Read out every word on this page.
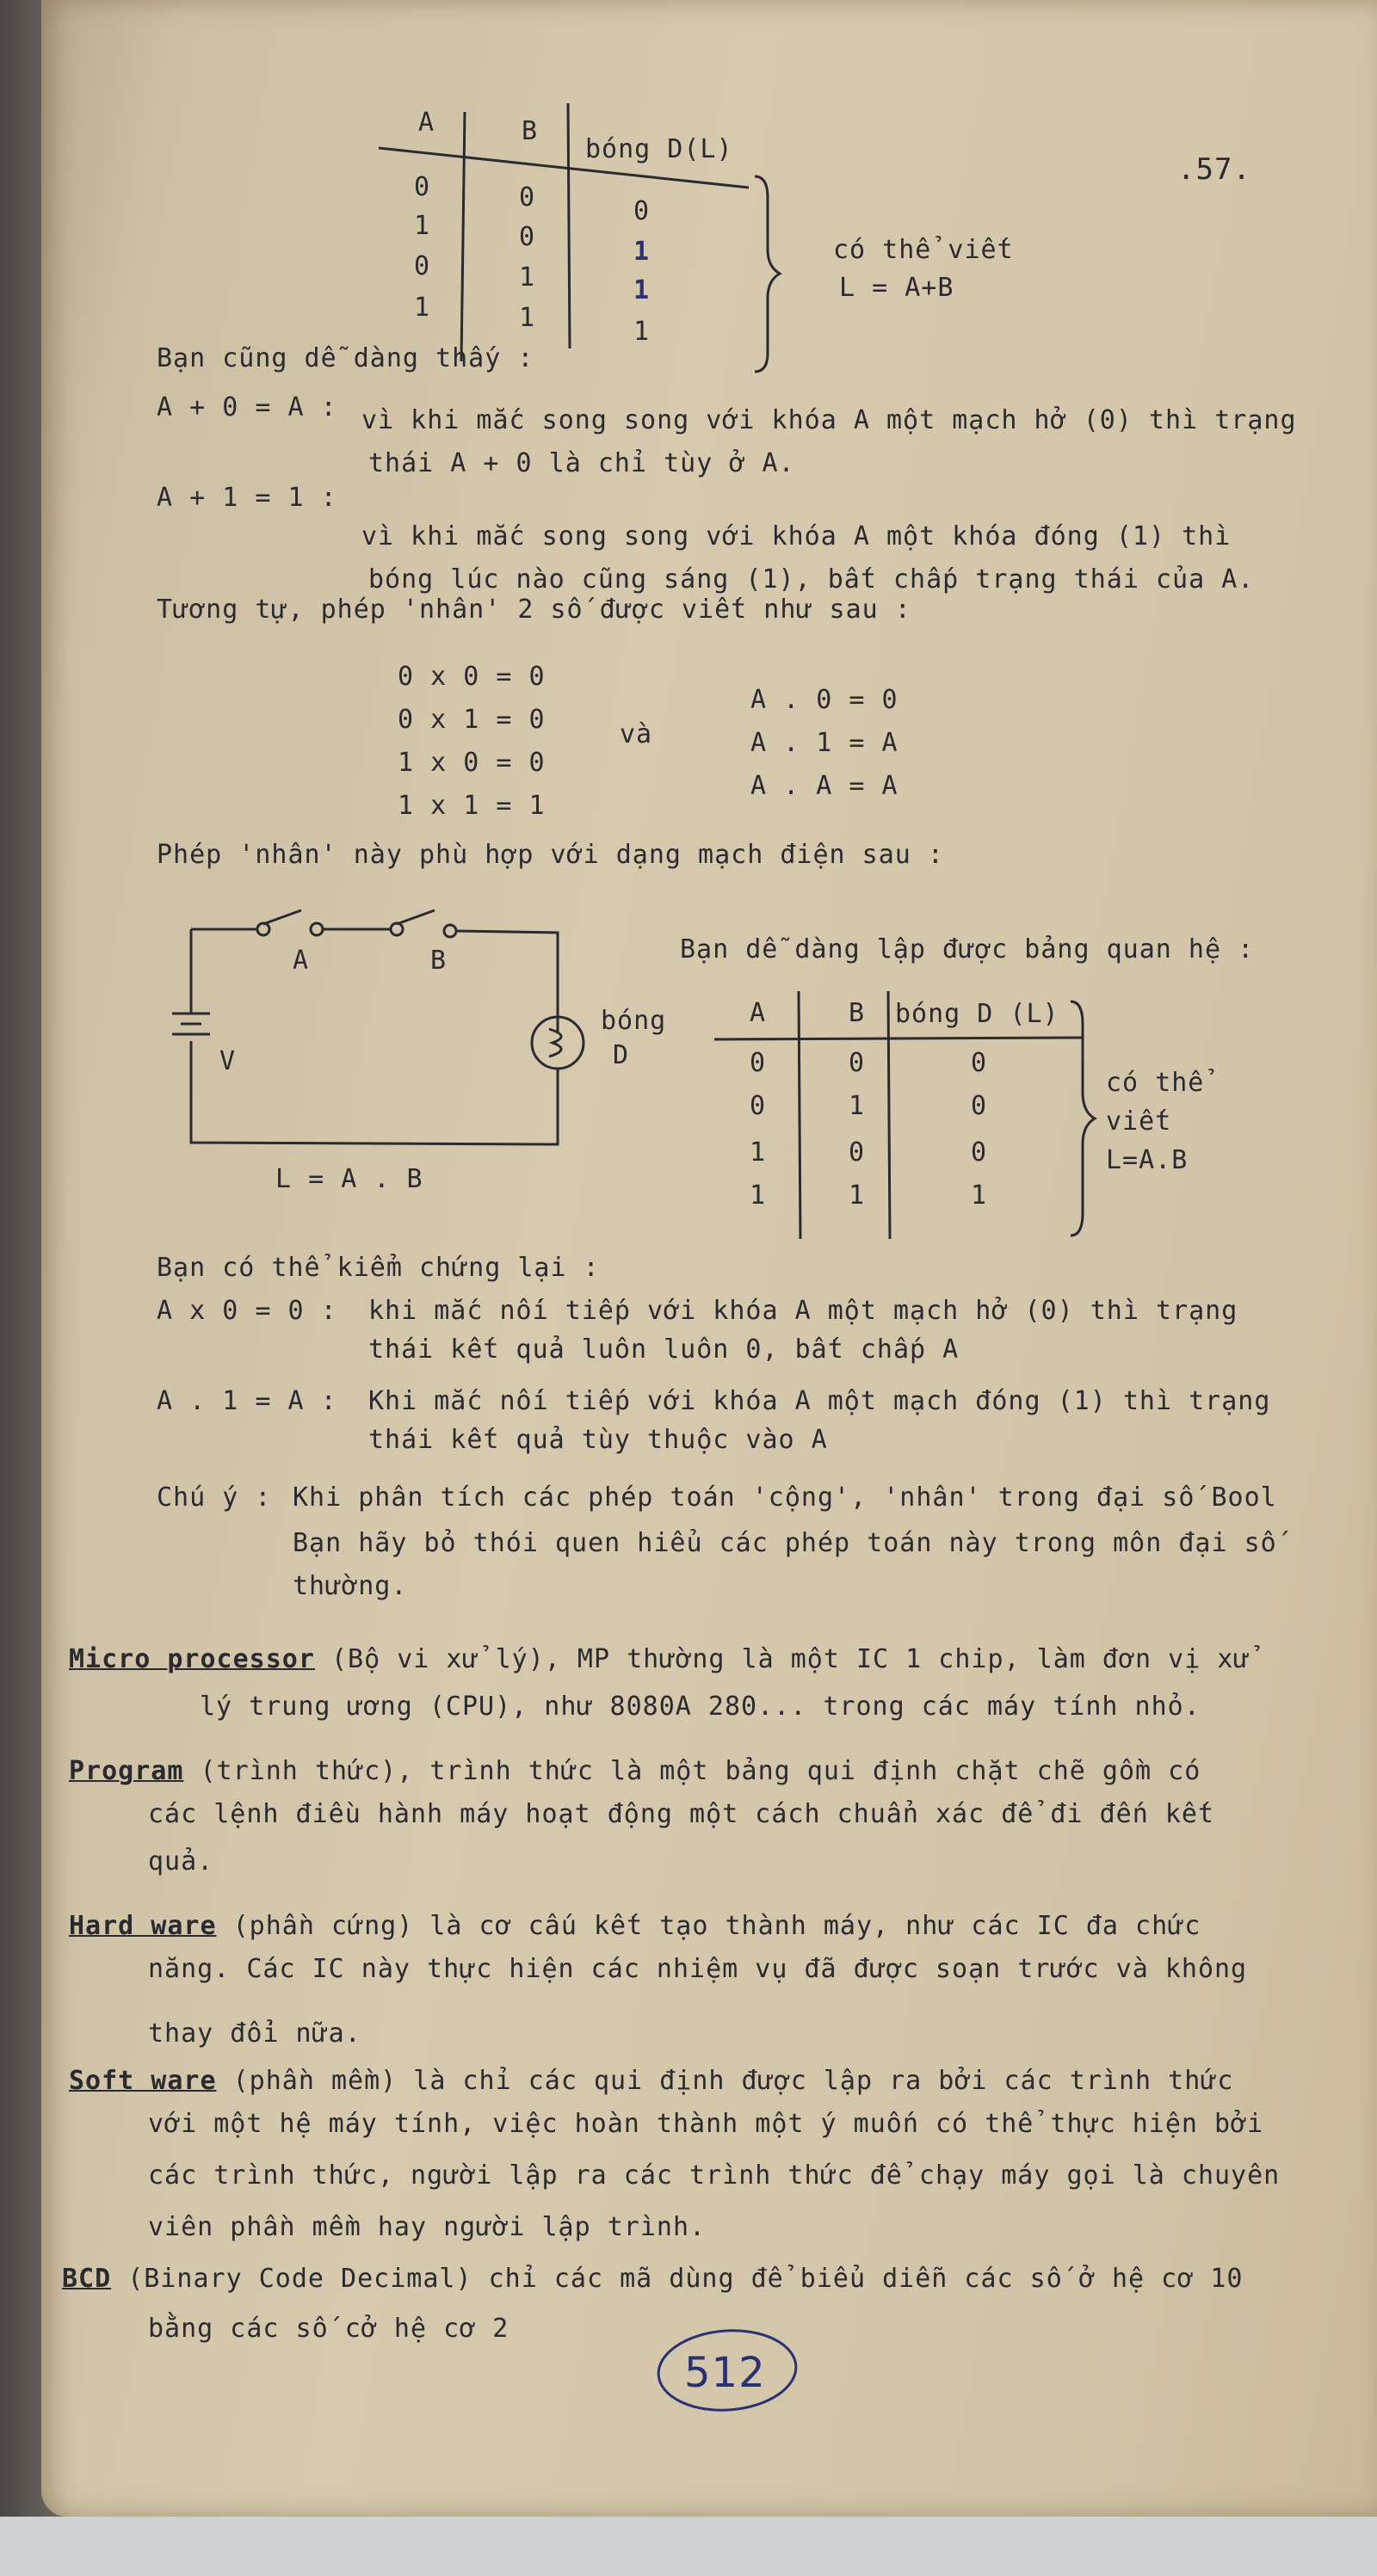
.57.
A	B
bóng D(L)
0	0	0
1	0	1
0	1	1
1	1	1
có thể viết
L = A+B
Bạn cũng dễ dàng thấy :
A + 0 = A : vì khi mắc song song với khóa A một mạch hở (0) thì trạng
thái A + 0 là chỉ tùy ở A.
A + 1 = 1 :
vì khi mắc song song với khóa A một khóa đóng (1) thì
bóng lúc nào cũng sáng (1), bất chấp trạng thái của A.
Tương tự, phép 'nhân' 2 số được viết như sau :
0 x 0 = 0
0 x 1 = 0
1 x 0 = 0
1 x 1 = 1
và
A . 0 = 0
A . 1 = A
A . A = A
Phép 'nhân' này phù hợp với dạng mạch điện sau :
A	B
V
bóng
D
L = A . B
Bạn dễ dàng lập được bảng quan hệ :
A	B	bóng D (L)
0	0	0
0	1	0
1	0	0
1	1	1
có thể
viết
L=A.B
Bạn có thể kiểm chứng lại :
A x 0 = 0 : khi mắc nối tiếp với khóa A một mạch hở (0) thì trạng
thái kết quả luôn luôn 0, bất chấp A
A . 1 = A : Khi mắc nối tiếp với khóa A một mạch đóng (1) thì trạng
thái kết quả tùy thuộc vào A
Chú ý : Khi phân tích các phép toán 'cộng', 'nhân' trong đại số Bool
Bạn hãy bỏ thói quen hiểu các phép toán này trong môn đại số
thường.
Micro processor (Bộ vi xử lý), MP thường là một IC 1 chip, làm đơn vị xử
lý trung ương (CPU), như 8080A 280... trong các máy tính nhỏ.
Program (trình thức), trình thức là một bảng qui định chặt chẽ gồm có
các lệnh điều hành máy hoạt động một cách chuẩn xác để đi đến kết
quả.
Hard ware (phần cứng) là cơ cấu kết tạo thành máy, như các IC đa chức
năng. Các IC này thực hiện các nhiệm vụ đã được soạn trước và không
thay đổi nữa.
Soft ware (phần mềm) là chỉ các qui định được lập ra bởi các trình thức
với một hệ máy tính, việc hoàn thành một ý muốn có thể thực hiện bởi
các trình thức, người lập ra các trình thức để chạy máy gọi là chuyên
viên phần mềm hay người lập trình.
BCD (Binary Code Decimal) chỉ các mã dùng để biểu diễn các số ở hệ cơ 10
bằng các số cở hệ cơ 2
512
